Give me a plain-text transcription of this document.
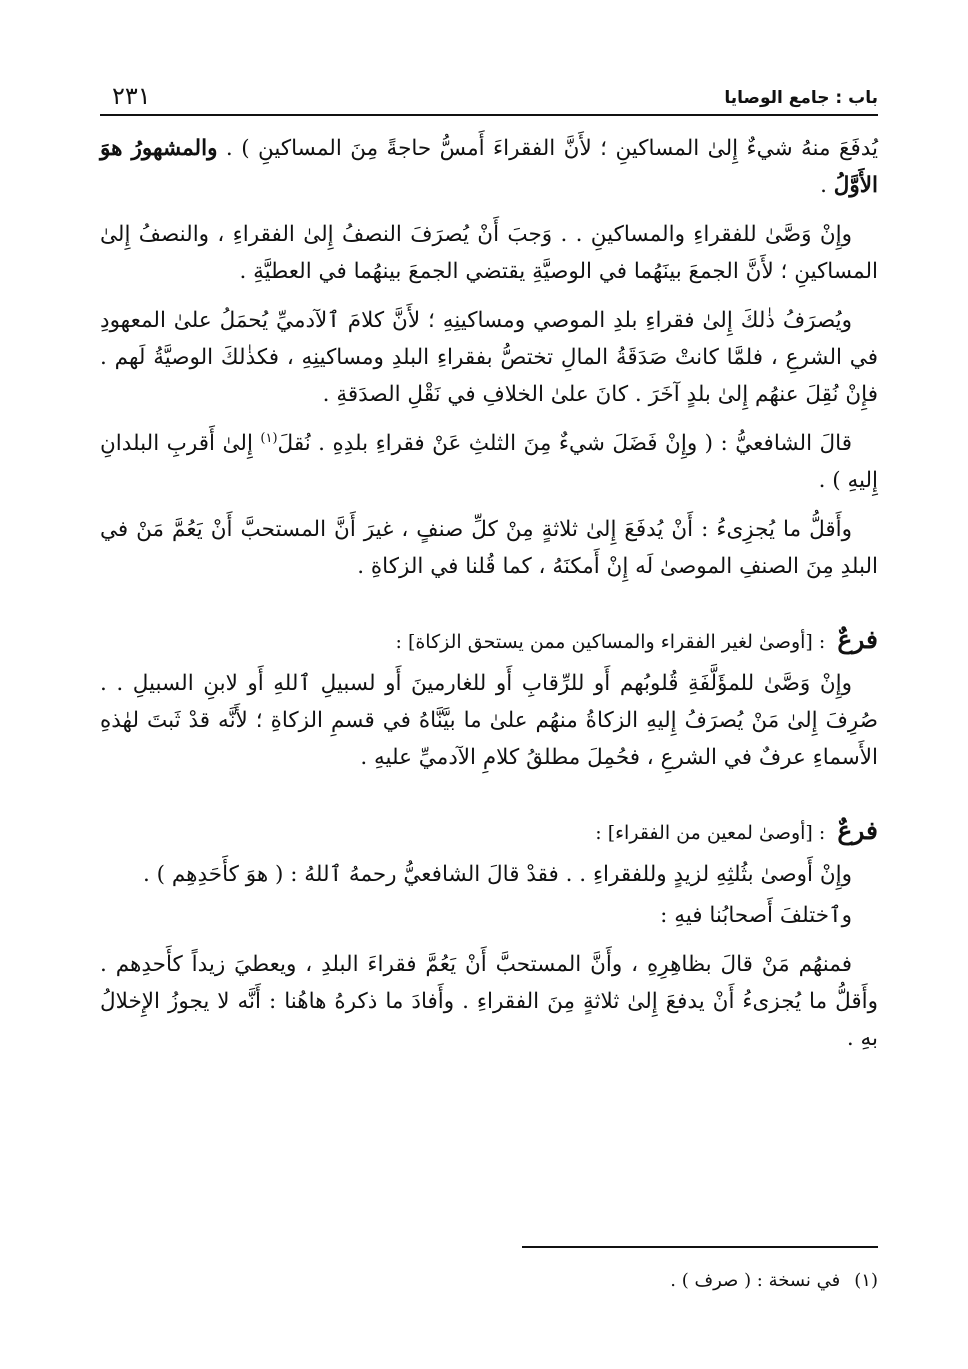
باب : جامع الوصايا
٢٣١

يُدفَعَ منهُ شيءٌ إِلىٰ المساكينِ ؛ لأَنَّ الفقراءَ أَمسُّ حاجةً مِنَ المساكينِ ) . والمشهورُ هوَ الأَوَّلُ .

وإِنْ وَصَّىٰ للفقراءِ والمساكينِ . . وَجبَ أَنْ يُصرَفَ النصفُ إِلىٰ الفقراءِ ، والنصفُ إِلىٰ المساكينِ ؛ لأَنَّ الجمعَ بينَهُما في الوصيَّةِ يقتضي الجمعَ بينهُما في العطيَّةِ .

ويُصرَفُ ذٰلكَ إِلىٰ فقراءِ بلدِ الموصي ومساكينِهِ ؛ لأَنَّ كلامَ ٱلآدميِّ يُحمَلُ علىٰ المعهودِ في الشرعِ ، فلمَّا كانتْ صَدَقَةُ المالِ تختصُّ بفقراءِ البلدِ ومساكينِهِ ، فكذٰلكَ الوصيَّةُ لَهم . فإِنْ نُقِلَ عنهُم إِلىٰ بلدٍ آخَرَ . كانَ علىٰ الخلافِ في نَقْلِ الصدَقةِ .

قالَ الشافعيُّ : ( وإِنْ فَضَلَ شيءٌ مِنَ الثلثِ عَنْ فقراءِ بلدِهِ . نُقلَ$^{(١)}$ إِلىٰ أَقربِ البلدانِ إِليهِ ) .

وأَقلُّ ما يُجزِىءُ : أَنْ يُدفَعَ إِلىٰ ثلاثةٍ مِنْ كلِّ صنفٍ ، غيرَ أَنَّ المستحبَّ أَنْ يَعُمَّ مَنْ في البلدِ مِنَ الصنفِ الموصىٰ لَه إِنْ أَمكنَهُ ، كما قُلنا في الزكاةِ .

فرعٌ : [أوصىٰ لغير الفقراء والمساكين ممن يستحق الزكاة] :

وإِنْ وَصَّىٰ للمؤَلَّفَةِ قُلوبُهم أَو للرِّقابِ أَو للغارمينَ أَو لسبيلِ ٱللهِ أَو لابنِ السبيلِ . . صُرِفَ إِلىٰ مَنْ يُصرَفُ إِليهِ الزكاةُ منهُم علىٰ ما بيَّنَّاهُ في قسمِ الزكاةِ ؛ لأَنَّه قدْ ثَبتَ لهٰذهِ الأَسماءِ عرفٌ في الشرعِ ، فحُمِلَ مطلقُ كلامِ الآدميِّ عليهِ .

فرعٌ : [أوصىٰ لمعين من الفقراء] :

وإِنْ أَوصىٰ بثُلثِهِ لزيدٍ وللفقراءِ . . فقدْ قالَ الشافعيُّ رحمهُ ٱللهُ : ( هوَ كأَحَدِهِم ) .

وٱختلفَ أَصحابُنا فيهِ :

فمنهُم مَنْ قالَ بظاهِرِهِ ، وأَنَّ المستحبَّ أَنْ يَعُمَّ فقراءَ البلدِ ، ويعطيَ زيداً كأَحدِهم . وأَقلُّ ما يُجزىءُ أَنْ يدفعَ إِلىٰ ثلاثةٍ مِنَ الفقراءِ . وأَفادَ ما ذكرهُ هاهُنا : أَنَّه لا يجوزُ الإِخلالُ بهِ .

(١)في نسخة : ( صرف ) .
